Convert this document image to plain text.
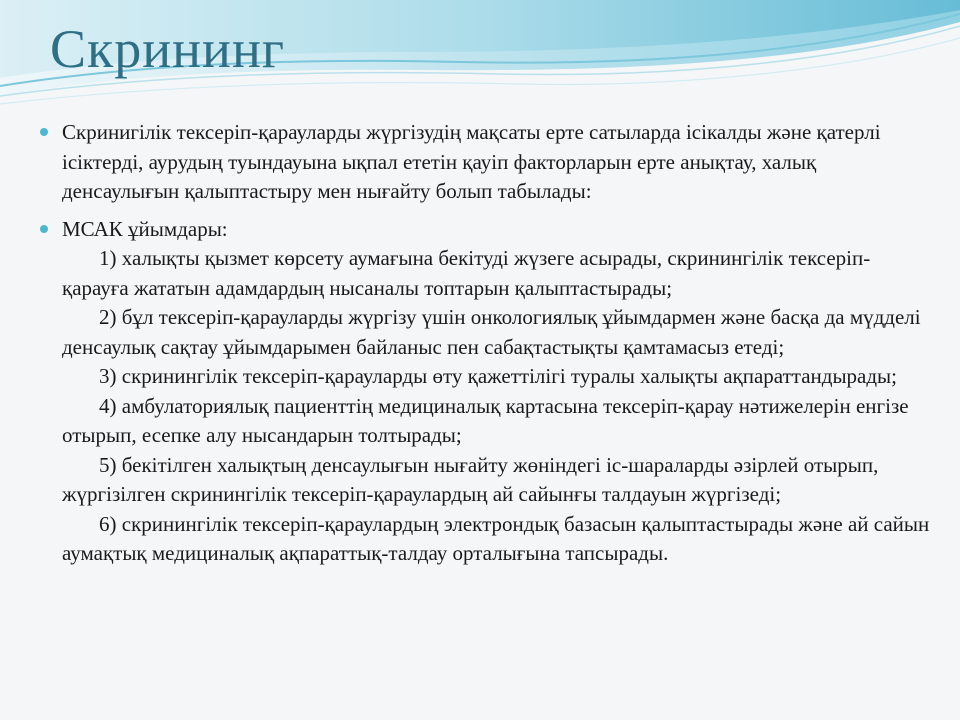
Скрининг
Скринигілік тексеріп-қарауларды жүргізудің мақсаты ерте сатыларда ісікалды және қатерлі ісіктерді, аурудың туындауына ықпал ететін қауіп факторларын ерте анықтау, халық денсаулығын қалыптастыру мен нығайту болып табылады:
МСАК ұйымдары:
1) халықты қызмет көрсету аумағына бекітуді жүзеге асырады, скринингілік тексеріп-қарауға жататын адамдардың нысаналы топтарын қалыптастырады;
2) бұл тексеріп-қарауларды жүргізу үшін онкологиялық ұйымдармен және басқа да мүдделі денсаулық сақтау ұйымдарымен байланыс пен сабақтастықты қамтамасыз етеді;
3) скринингілік тексеріп-қарауларды өту қажеттілігі туралы халықты ақпараттандырады;
4) амбулаториялық пациенттің медициналық картасына тексеріп-қарау нәтижелерін енгізе отырып, есепке алу нысандарын толтырады;
5) бекітілген халықтың денсаулығын нығайту жөніндегі іс-шараларды әзірлей отырып, жүргізілген скринингілік тексеріп-қараулардың ай сайынғы талдауын жүргізеді;
6) скринингілік тексеріп-қараулардың электрондық базасын қалыптастырады және ай сайын аумақтық медициналық ақпараттық-талдау орталығына тапсырады.
